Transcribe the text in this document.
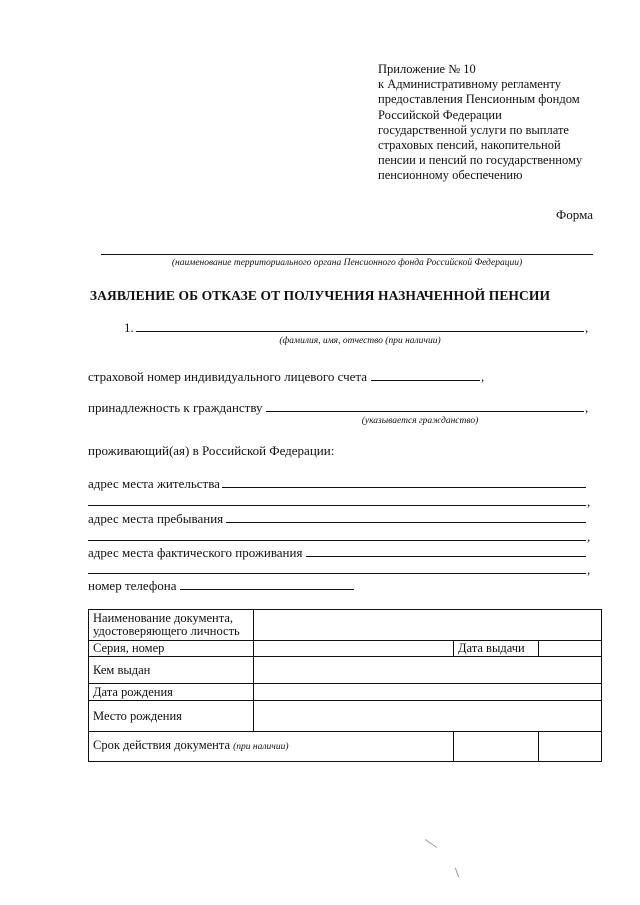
Приложение № 10
к Административному регламенту
предоставления Пенсионным фондом
Российской Федерации
государственной услуги по выплате
страховых пенсий, накопительной
пенсии и пенсий по государственному
пенсионному обеспечению
Форма
(наименование территориального органа Пенсионного фонда Российской Федерации)
ЗАЯВЛЕНИЕ ОБ ОТКАЗЕ ОТ ПОЛУЧЕНИЯ НАЗНАЧЕННОЙ ПЕНСИИ
1.	,
(фамилия, имя, отчество (при наличии)
страховой номер индивидуального лицевого счета	,
принадлежность к гражданству	,
(указывается гражданство)
проживающий(ая) в Российской Федерации:
адрес места жительства
,
адрес места пребывания
,
адрес места фактического проживания
,
номер телефона
Наименование документа,
удостоверяющего личность			

Серия, номер		Дата выдачи	
Кем выдан			
Дата рождения			
Место рождения			
Срок действия документа (при наличии)			
